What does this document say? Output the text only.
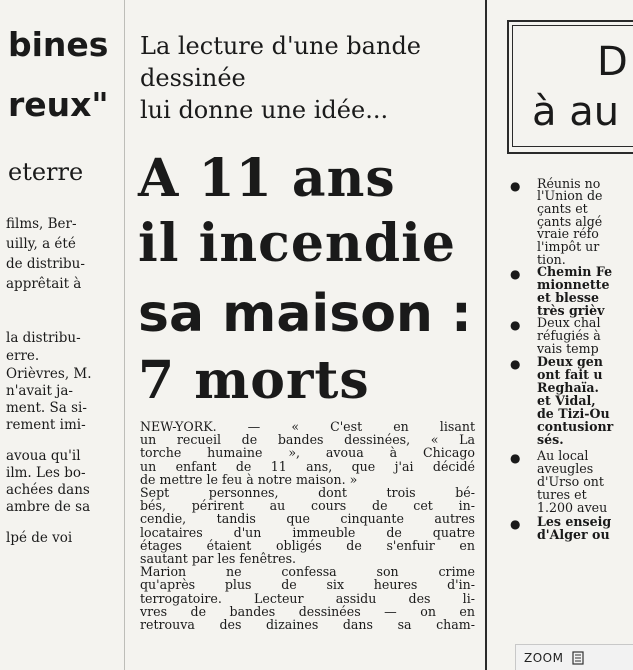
bines
reux"
eterre
films, Ber-
uilly, a été
de distribu-
apprêtait à
la distribu-
erre.
Orièvres, M.
n'avait ja-
ment. Sa si-
rement imi-
avoua qu'il
ilm. Les bo-
achées dans
ambre de sa
lpé de voi
La lecture d'une bande
dessinée
lui donne une idée...
A 11 ans
il incendie
sa maison :
7 morts
NEW-YORK. — « C'est en lisant
un recueil de bandes dessinées, « La
torche humaine », avoua à Chicago
un enfant de 11 ans, que j'ai décidé
de mettre le feu à notre maison. »
Sept personnes, dont trois bé-
bés, périrent au cours de cet in-
cendie, tandis que cinquante autres
locataires d'un immeuble de quatre
étages étaient obligés de s'enfuir en
sautant par les fenêtres.
Marion ne confessa son crime
qu'après plus de six heures d'in-
terrogatoire. Lecteur assidu des li-
vres de bandes dessinées — on en
retrouva des dizaines dans sa cham-
D
à au
Réunis no
l'Union de
çants et
çants algé
vraie réfo
l'impôt ur
tion.
Chemin Fe
mionnette
et blesse
très grièv
Deux chal
réfugiés à
vais temp
Deux gen
ont fait u
Reghaïa.
et Vidal,
de Tizi-Ou
contusionr
sés.
Au local
aveugles
d'Urso ont
tures et
1.200 aveu
Les enseig
d'Alger ou
●
●
●
●
●
●
ZOOM
